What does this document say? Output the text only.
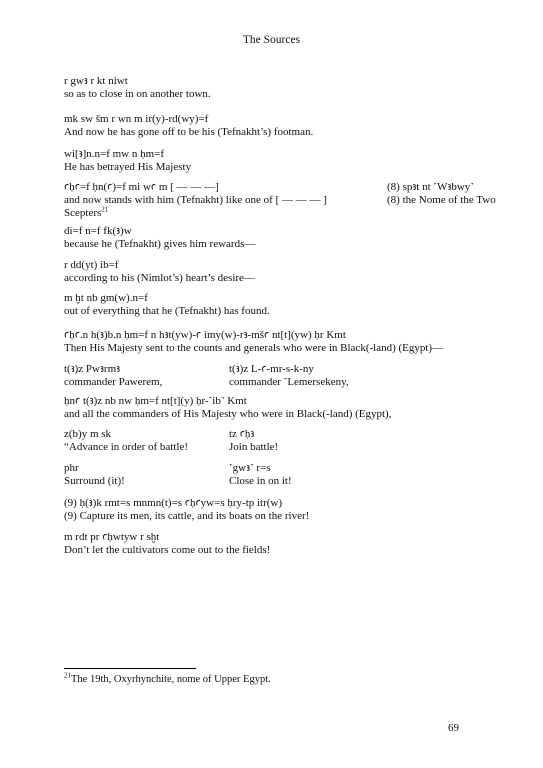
The Sources
r gwꜣ r kt niwt
so as to close in on another town.
mk sw šm r wn m ir(y)-rd(wy)=f
And now he has gone off to be his (Tefnakht’s) footman.
wi[ꜣ]n.n=f mw n ḥm=f
He has betrayed His Majesty
ꜥḥꜥ=f ḥn(ꜥ)=f mi wꜥ m [ — — —]
and now stands with him (Tefnakht) like one of [ — — — ]
Scepters$^{21}$
(8) spꜣt nt ˹Wꜣbwy˺
(8) the Nome of the Two
di=f n=f fk(ꜣ)w
because he (Tefnakht) gives him rewards—
r dd(yt) ib=f
according to his (Nimlot’s) heart’s desire—
m ḫt nb gm(w).n=f
out of everything that he (Tefnakht) has found.
ꜥḥꜥ.n h(ꜣ)b.n ḥm=f n hꜣt(yw)-ꜥ imy(w)-rꜣ-mšꜥ nt[t](yw) ḥr Kmt
Then His Majesty sent to the counts and generals who were in Black(-land) (Egypt)—
t(ꜣ)z Pwꜣrmꜣ
commander Pawerem,
t(ꜣ)z L-ꜥ-mr-s-k-ny
commander ˹Lemersekeny,
ḥnꜥ t(ꜣ)z nb nw ḥm=f nt[t](y) ḥr-˹ib˺ Kmt
and all the commanders of His Majesty who were in Black(-land) (Egypt),
z(b)y m sk
“Advance in order of battle!
tz ꜥḥꜣ
Join battle!
phr
Surround (it)!
˹gwꜣ˺ r=s
Close in on it!
(9) ḥ(ꜣ)k rmt=s mnmn(t)=s ꜥḥꜥyw=s ḥry-tp itr(w)
(9) Capture its men, its cattle, and its boats on the river!
m rdt pr ꜥḥwtyw r sḫt
Don’t let the cultivators come out to the fields!
$^{21}$The 19th, Oxyrhynchite, nome of Upper Egypt.
69
